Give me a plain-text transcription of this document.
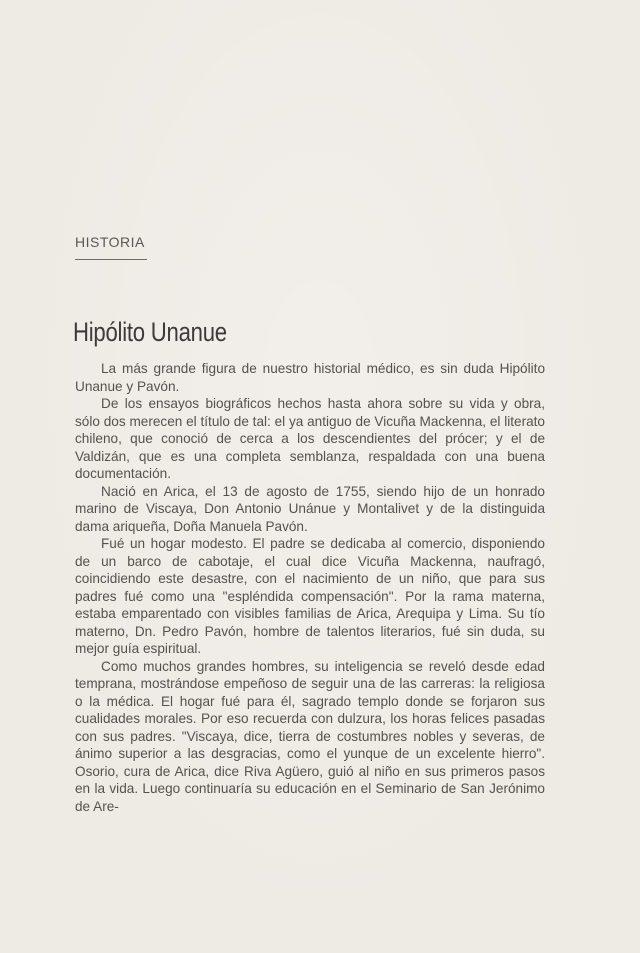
HISTORIA
Hipólito Unanue

La más grande figura de nuestro historial médico, es sin duda Hipólito Unanue y Pavón.

De los ensayos biográficos hechos hasta ahora sobre su vida y obra, sólo dos merecen el título de tal: el ya antiguo de Vicuña Mackenna, el literato chileno, que conoció de cerca a los descendientes del prócer; y el de Valdizán, que es una completa semblanza, respaldada con una buena documentación.

Nació en Arica, el 13 de agosto de 1755, siendo hijo de un honrado marino de Viscaya, Don Antonio Unánue y Montalivet y de la distinguida dama ariqueña, Doña Manuela Pavón.

Fué un hogar modesto. El padre se dedicaba al comercio, disponiendo de un barco de cabotaje, el cual dice Vicuña Mackenna, naufragó, coincidiendo este desastre, con el nacimiento de un niño, que para sus padres fué como una "espléndida compensación". Por la rama materna, estaba emparentado con visibles familias de Arica, Arequipa y Lima. Su tío materno, Dn. Pedro Pavón, hombre de talentos literarios, fué sin duda, su mejor guía espiritual.

Como muchos grandes hombres, su inteligencia se reveló desde edad temprana, mostrándose empeñoso de seguir una de las carreras: la religiosa o la médica. El hogar fué para él, sagrado templo donde se forjaron sus cualidades morales. Por eso recuerda con dulzura, los horas felices pasadas con sus padres. "Viscaya, dice, tierra de costumbres nobles y severas, de ánimo superior a las desgracias, como el yunque de un excelente hierro". Osorio, cura de Arica, dice Riva Agüero, guió al niño en sus primeros pasos en la vida. Luego continuaría su educación en el Seminario de San Jerónimo de Are-
